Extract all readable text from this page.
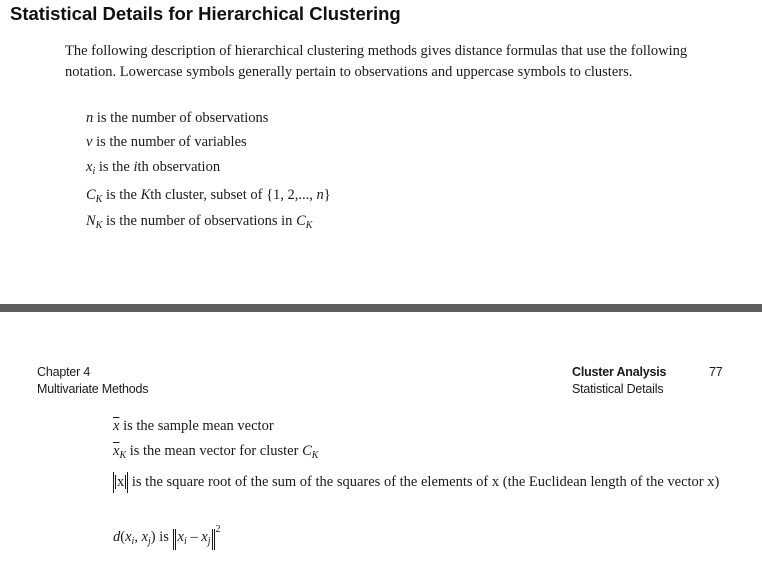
Statistical Details for Hierarchical Clustering
The following description of hierarchical clustering methods gives distance formulas that use the following notation. Lowercase symbols generally pertain to observations and uppercase symbols to clusters.
n is the number of observations
v is the number of variables
$x_i$ is the ith observation
$C_K$ is the Kth cluster, subset of {1, 2,..., n}
$N_K$ is the number of observations in $C_K$
Chapter 4
Multivariate Methods
Cluster Analysis
Statistical Details
77
$\overline{x}$ is the sample mean vector
$\overline{x}_K$ is the mean vector for cluster $C_K$
x is the square root of the sum of the squares of the elements of x (the Euclidean length of the vector x)
$d(x_i$, $x_j$) is $x_i - x_j^2$
